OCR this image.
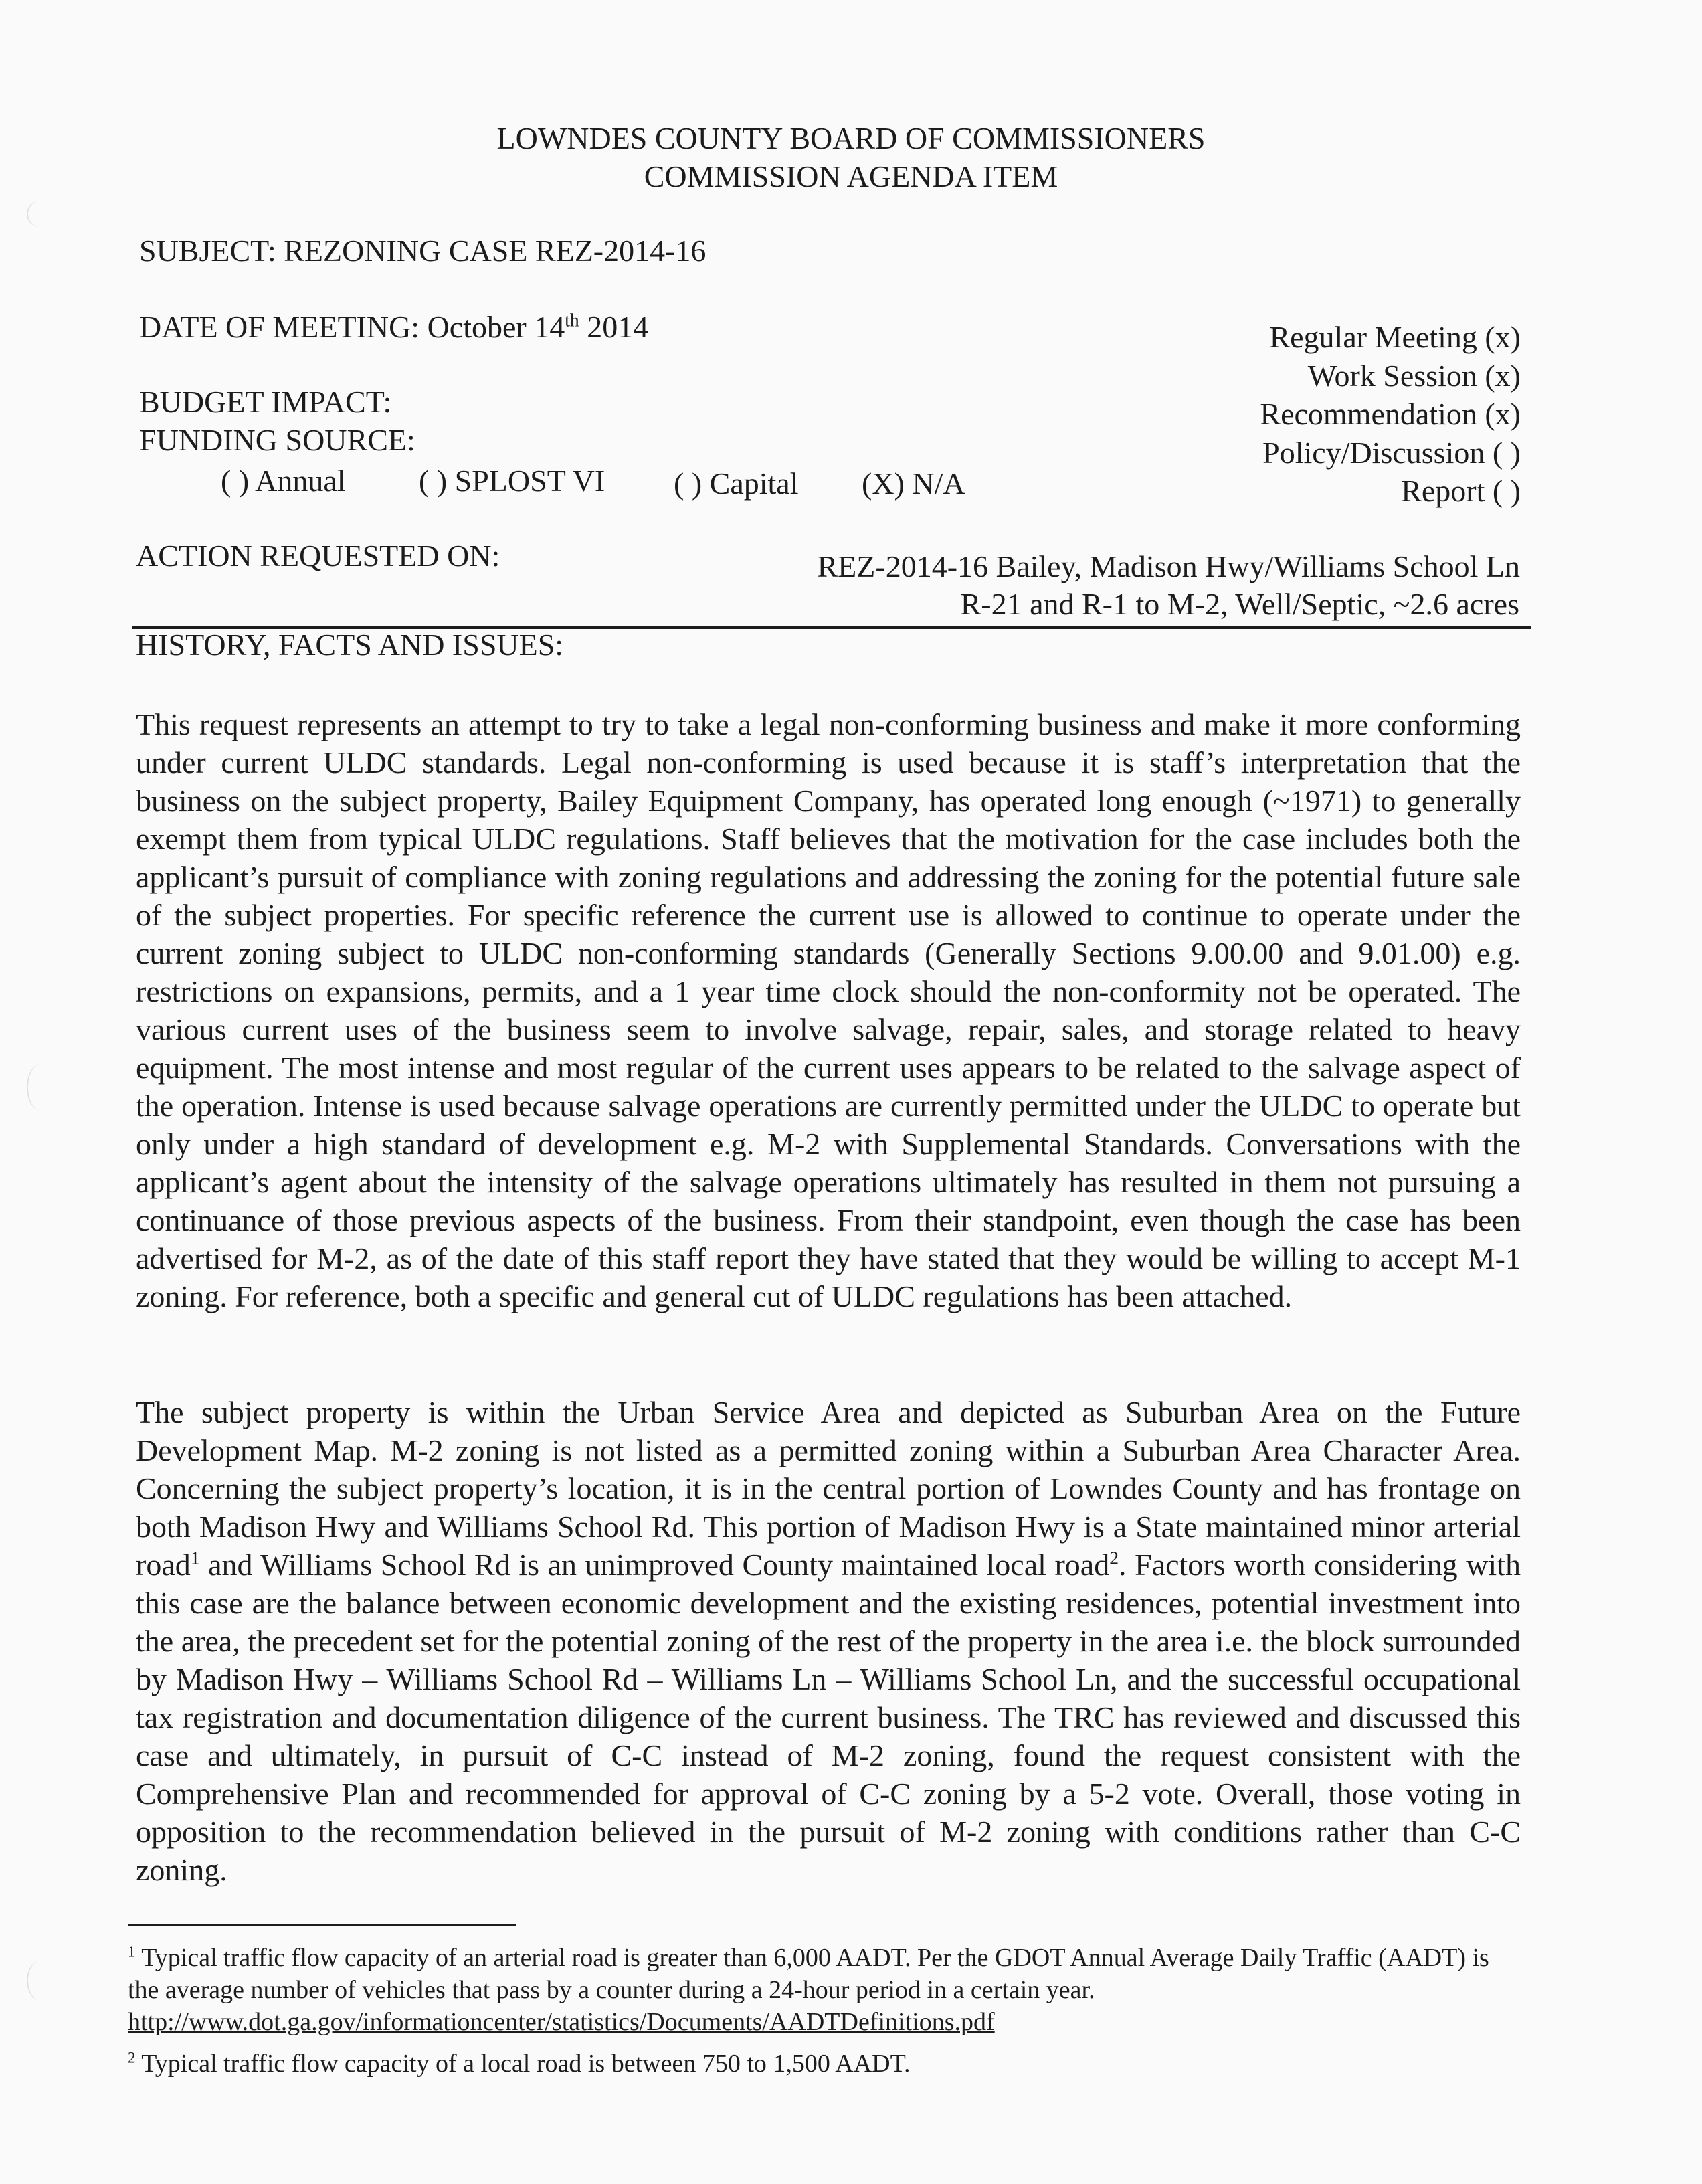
LOWNDES COUNTY BOARD OF COMMISSIONERS
COMMISSION AGENDA ITEM
SUBJECT: REZONING CASE REZ-2014-16
DATE OF MEETING: October 14th 2014	Regular Meeting (x)
Work Session (x)
Recommendation (x)
Policy/Discussion ( )
Report ( )
BUDGET IMPACT:
FUNDING SOURCE:
( ) Annual ( ) SPLOST VI ( ) Capital (X) N/A
ACTION REQUESTED ON:	REZ-2014-16 Bailey, Madison Hwy/Williams School Ln
R-21 and R-1 to M-2, Well/Septic, ~2.6 acres
HISTORY, FACTS AND ISSUES:
This request represents an attempt to try to take a legal non-conforming business and make it more conforming under current ULDC standards. Legal non-conforming is used because it is staff’s interpretation that the business on the subject property, Bailey Equipment Company, has operated long enough (~1971) to generally exempt them from typical ULDC regulations. Staff believes that the motivation for the case includes both the applicant’s pursuit of compliance with zoning regulations and addressing the zoning for the potential future sale of the subject properties. For specific reference the current use is allowed to continue to operate under the current zoning subject to ULDC non-conforming standards (Generally Sections 9.00.00 and 9.01.00) e.g. restrictions on expansions, permits, and a 1 year time clock should the non-conformity not be operated. The various current uses of the business seem to involve salvage, repair, sales, and storage related to heavy equipment. The most intense and most regular of the current uses appears to be related to the salvage aspect of the operation. Intense is used because salvage operations are currently permitted under the ULDC to operate but only under a high standard of development e.g. M-2 with Supplemental Standards. Conversations with the applicant’s agent about the intensity of the salvage operations ultimately has resulted in them not pursuing a continuance of those previous aspects of the business. From their standpoint, even though the case has been advertised for M-2, as of the date of this staff report they have stated that they would be willing to accept M-1 zoning. For reference, both a specific and general cut of ULDC regulations has been attached.
The subject property is within the Urban Service Area and depicted as Suburban Area on the Future Development Map. M-2 zoning is not listed as a permitted zoning within a Suburban Area Character Area. Concerning the subject property’s location, it is in the central portion of Lowndes County and has frontage on both Madison Hwy and Williams School Rd. This portion of Madison Hwy is a State maintained minor arterial road$^1$ and Williams School Rd is an unimproved County maintained local road$^2$. Factors worth considering with this case are the balance between economic development and the existing residences, potential investment into the area, the precedent set for the potential zoning of the rest of the property in the area i.e. the block surrounded by Madison Hwy – Williams School Rd – Williams Ln – Williams School Ln, and the successful occupational tax registration and documentation diligence of the current business. The TRC has reviewed and discussed this case and ultimately, in pursuit of C-C instead of M-2 zoning, found the request consistent with the Comprehensive Plan and recommended for approval of C-C zoning by a 5-2 vote. Overall, those voting in opposition to the recommendation believed in the pursuit of M-2 zoning with conditions rather than C-C zoning.
$^1$ Typical traffic flow capacity of an arterial road is greater than 6,000 AADT. Per the GDOT Annual Average Daily Traffic (AADT) is the average number of vehicles that pass by a counter during a 24-hour period in a certain year.
http://www.dot.ga.gov/informationcenter/statistics/Documents/AADTDefinitions.pdf
$^2$ Typical traffic flow capacity of a local road is between 750 to 1,500 AADT.
